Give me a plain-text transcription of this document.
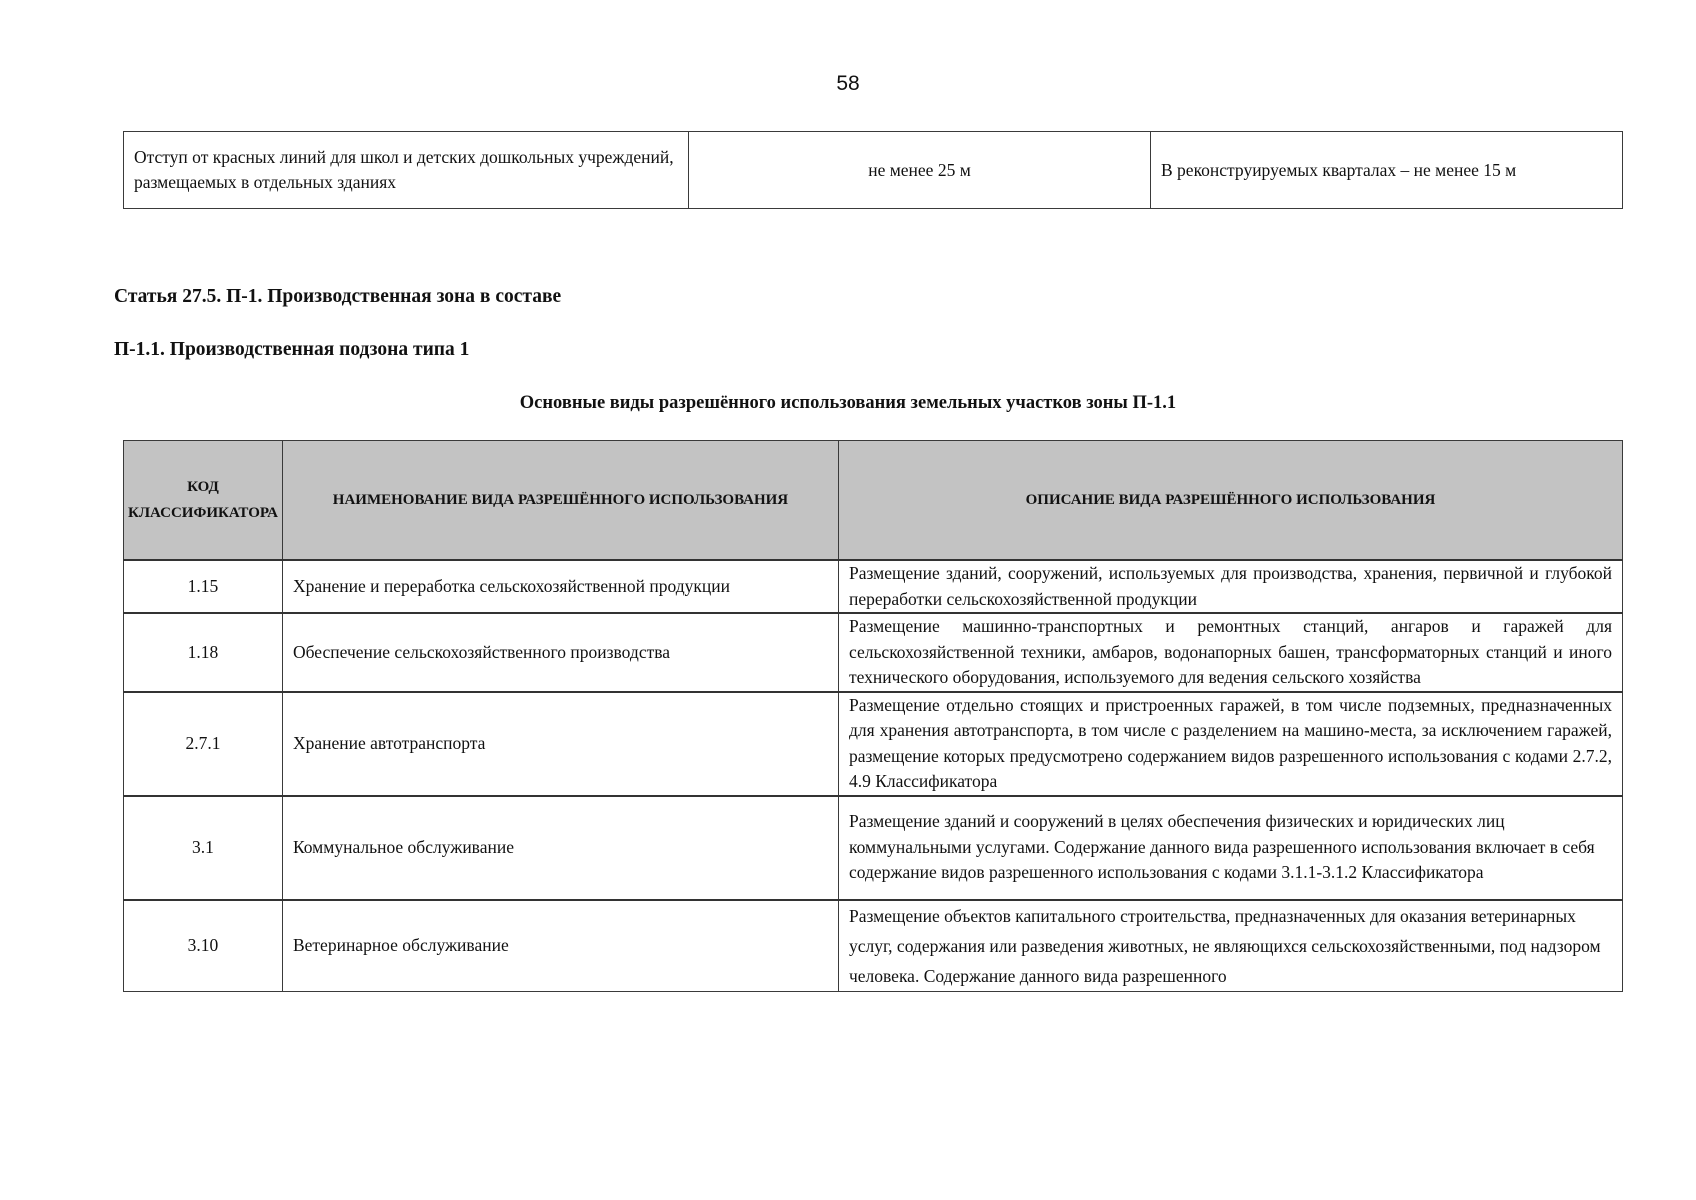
58
Отступ от красных линий для школ и детских дошкольных учреждений, размещаемых в отдельных зданиях	не менее 25 м	В реконструируемых кварталах – не менее 15 м
Статья 27.5. П-1. Производственная зона в составе
П-1.1. Производственная подзона типа 1
Основные виды разрешённого использования земельных участков зоны П-1.1
КОД КЛАССИФИКАТОРА	НАИМЕНОВАНИЕ ВИДА РАЗРЕШЁННОГО ИСПОЛЬЗОВАНИЯ	ОПИСАНИЕ ВИДА РАЗРЕШЁННОГО ИСПОЛЬЗОВАНИЯ
1.15	Хранение и переработка сельскохозяйственной продукции	Размещение зданий, сооружений, используемых для производства, хранения, первичной и глубокой переработки сельскохозяйственной продукции
1.18	Обеспечение сельскохозяйственного производства	Размещение машинно-транспортных и ремонтных станций, ангаров и гаражей для сельскохозяйственной техники, амбаров, водонапорных башен, трансформаторных станций и иного технического оборудования, используемого для ведения сельского хозяйства
2.7.1	Хранение автотранспорта	Размещение отдельно стоящих и пристроенных гаражей, в том числе подземных, предназначенных для хранения автотранспорта, в том числе с разделением на машино-места, за исключением гаражей, размещение которых предусмотрено содержанием видов разрешенного использования с кодами 2.7.2, 4.9 Классификатора
3.1	Коммунальное обслуживание	Размещение зданий и сооружений в целях обеспечения физических и юридических лиц коммунальными услугами. Содержание данного вида разрешенного использования включает в себя содержание видов разрешенного использования с кодами 3.1.1-3.1.2 Классификатора
3.10	Ветеринарное обслуживание	Размещение объектов капитального строительства, предназначенных для оказания ветеринарных услуг, содержания или разведения животных, не являющихся сельскохозяйственными, под надзором человека. Содержание данного вида разрешенного
